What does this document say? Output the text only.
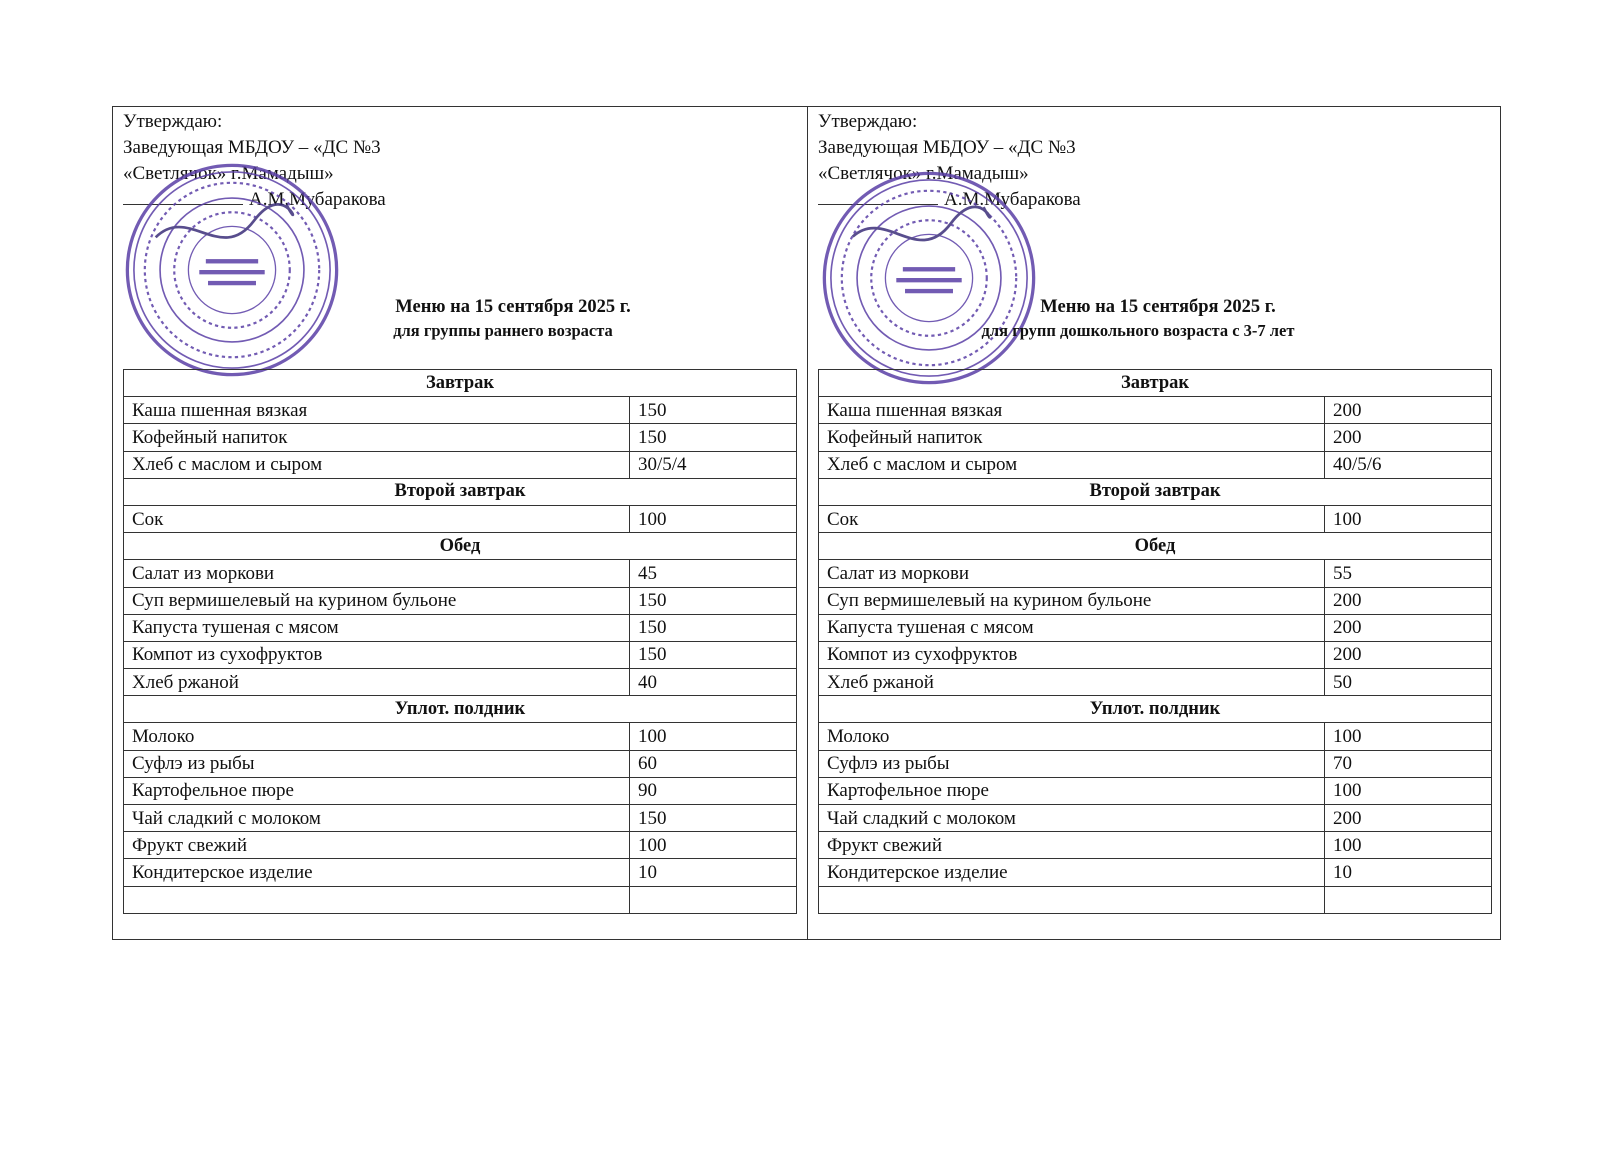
Утверждаю:
Заведующая МБДОУ – «ДС №3
«Светлячок» г.Мамадыш»
А.М.Мубаракова
Меню на 15 сентября 2025 г.
для группы раннего возраста
Завтрак	
Каша пшенная вязкая	150
Кофейный напиток	150
Хлеб с маслом и сыром	30/5/4
Второй завтрак	
Сок	100
Обед	
Салат из моркови	45
Суп вермишелевый на курином бульоне	150
Капуста тушеная с мясом	150
Компот из сухофруктов	150
Хлеб ржаной	40
Уплот. полдник	
Молоко	100
Суфлэ из рыбы	60
Картофельное пюре	90
Чай сладкий с молоком	150
Фрукт свежий	100
Кондитерское изделие	10

Утверждаю:
Заведующая МБДОУ – «ДС №3
«Светлячок» г.Мамадыш»
А.М.Мубаракова
Меню на 15 сентября 2025 г.
для групп дошкольного возраста с 3-7 лет
Завтрак	
Каша пшенная вязкая	200
Кофейный напиток	200
Хлеб с маслом и сыром	40/5/6
Второй завтрак	
Сок	100
Обед	
Салат из моркови	55
Суп вермишелевый на курином бульоне	200
Капуста тушеная с мясом	200
Компот из сухофруктов	200
Хлеб ржаной	50
Уплот. полдник	
Молоко	100
Суфлэ из рыбы	70
Картофельное пюре	100
Чай сладкий с молоком	200
Фрукт свежий	100
Кондитерское изделие	10
